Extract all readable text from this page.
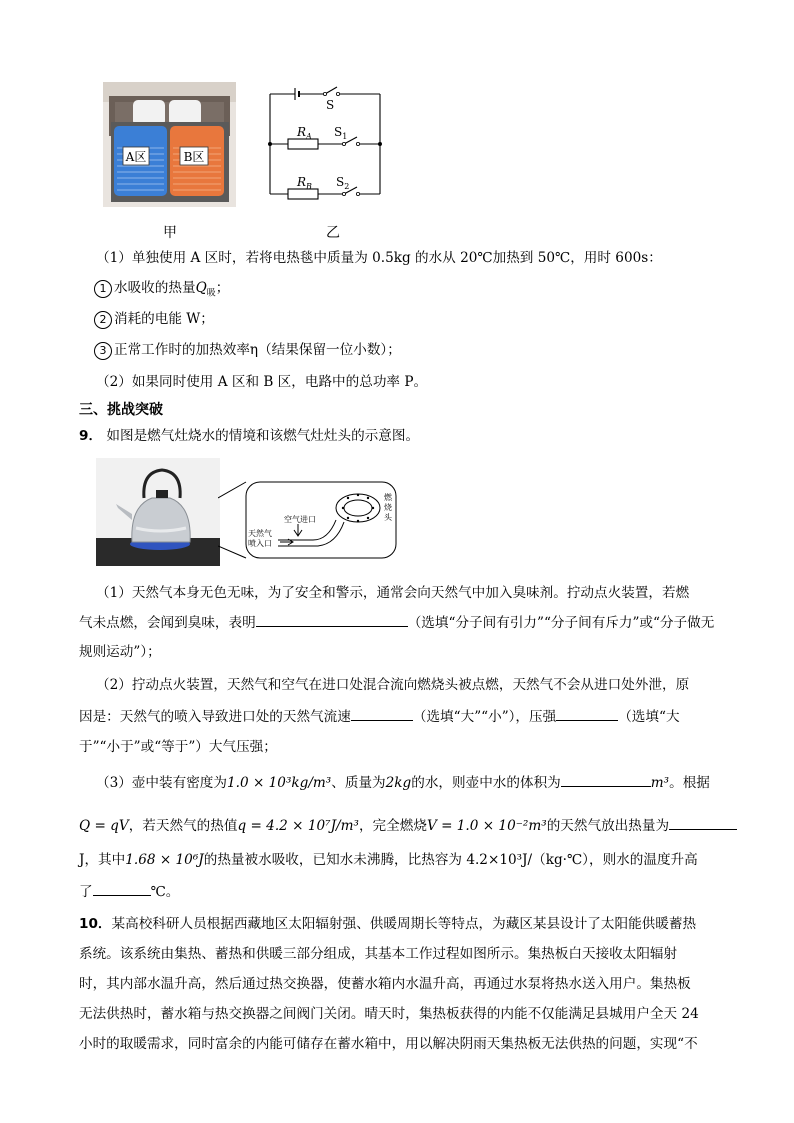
A区	B区
S
$R_A$ $S_1$
$R_B$ $S_2$
甲	乙
（1）单独使用 A 区时，若将电热毯中质量为 0.5kg 的水从 20℃加热到 50℃，用时 600s：
1 水吸收的热量$Q_吸$；
2 消耗的电能 W；
3 正常工作时的加热效率η（结果保留一位小数）；
（2）如果同时使用 A 区和 B 区，电路中的总功率 P。
三、挑战突破
9． 如图是燃气灶烧水的情境和该燃气灶灶头的示意图。
空气进口
天然气
喷入口
燃
烧
头
（1）天然气本身无色无味，为了安全和警示，通常会向天然气中加入臭味剂。拧动点火装置，若燃
气未点燃，会闻到臭味，表明	（选填“分子间有引力”“分子间有斥力”或“分子做无
规则运动”）；
（2）拧动点火装置，天然气和空气在进口处混合流向燃烧头被点燃，天然气不会从进口处外泄，原
因是：天然气的喷入导致进口处的天然气流速	（选填“大”“小”），压强	（选填“大
于”“小于”或“等于”）大气压强；
（3）壶中装有密度为1.0 × 10³kg/m³、质量为2kg的水，则壶中水的体积为	m³。根据
Q = qV，若天然气的热值q = 4.2 × 10⁷J/m³，完全燃烧V = 1.0 × 10⁻²m³的天然气放出热量为
J，其中1.68 × 10⁶J的热量被水吸收，已知水未沸腾，比热容为 4.2×10³J/（kg·℃），则水的温度升高
了	℃。
10．某高校科研人员根据西藏地区太阳辐射强、供暖周期长等特点，为藏区某县设计了太阳能供暖蓄热
系统。该系统由集热、蓄热和供暖三部分组成，其基本工作过程如图所示。集热板白天接收太阳辐射
时，其内部水温升高，然后通过热交换器，使蓄水箱内水温升高，再通过水泵将热水送入用户。集热板
无法供热时，蓄水箱与热交换器之间阀门关闭。晴天时，集热板获得的内能不仅能满足县城用户全天 24
小时的取暖需求，同时富余的内能可储存在蓄水箱中，用以解决阴雨天集热板无法供热的问题，实现“不
